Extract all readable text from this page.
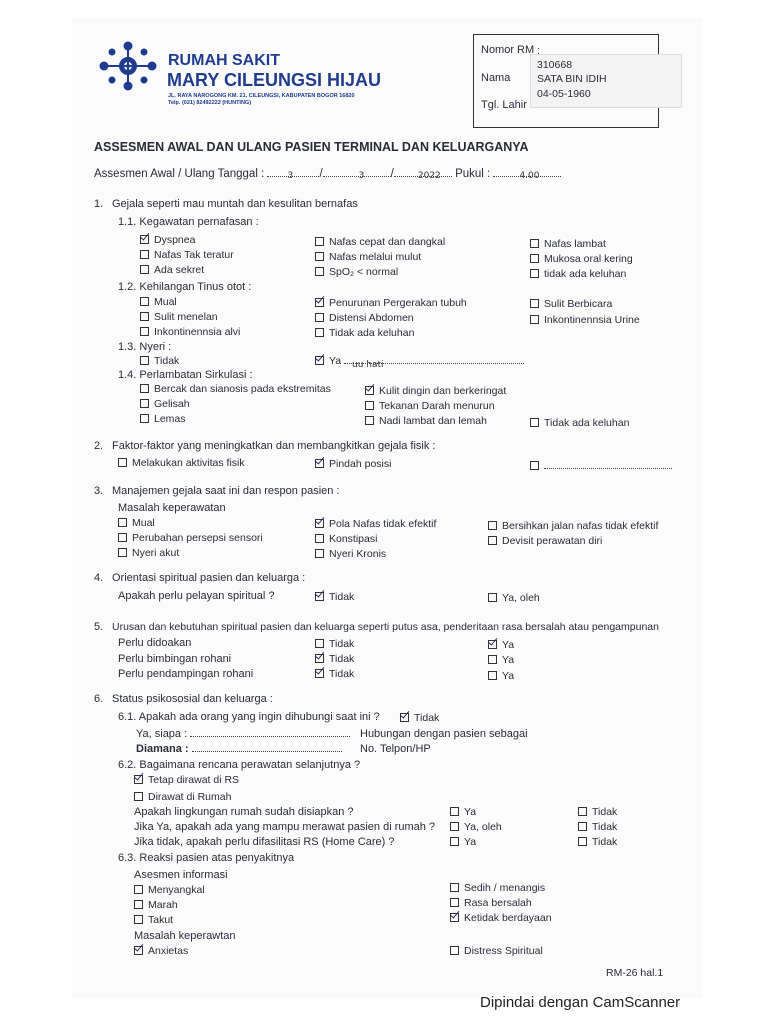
RUMAH SAKIT
MARY CILEUNGSI HIJAU
JL. RAYA NAROGONG KM. 21, CILEUNGSI, KABUPATEN BOGOR 16820
Telp. (021) 82492222 (HUNTING)
Nomor RM :
310668
Nama	SATA BIN IDIH
04-05-1960
Tgl. Lahir
ASSESMEN AWAL DAN ULANG PASIEN TERMINAL DAN KELUARGANYA
Assesmen Awal / Ulang Tanggal :	3 /	3 /	2022 Pukul :	4.00
1. Gejala seperti mau muntah dan kesulitan bernafas
1.1. Kegawatan pernafasan :
Dyspnea	Nafas cepat dan dangkal	Nafas lambat
Nafas Tak teratur	Nafas melalui mulut	Mukosa oral kering
Ada sekret	SpO₂ < normal	tidak ada keluhan
1.2. Kehilangan Tinus otot :
Mual	Penurunan Pergerakan tubuh	Sulit Berbicara
Sulit menelan	Distensi Abdomen	Inkontinennsia Urine
Inkontinennsia alvi	Tidak ada keluhan
1.3. Nyeri :
Tidak	Ya uu hati
1.4. Perlambatan Sirkulasi :
Bercak dan sianosis pada ekstremitas	Kulit dingin dan berkeringat
Gelisah	Tekanan Darah menurun
Lemas	Nadi lambat dan lemah	Tidak ada keluhan
2. Faktor-faktor yang meningkatkan dan membangkitkan gejala fisik :
Melakukan aktivitas fisik	Pindah posisi
3. Manajemen gejala saat ini dan respon pasien :
Masalah keperawatan
Mual	Pola Nafas tidak efektif	Bersihkan jalan nafas tidak efektif
Perubahan persepsi sensori	Konstipasi	Devisit perawatan diri
Nyeri akut	Nyeri Kronis
4. Orientasi spiritual pasien dan keluarga :
Apakah perlu pelayan spiritual ?	Tidak	Ya, oleh
5. Urusan dan kebutuhan spiritual pasien dan keluarga seperti putus asa, penderitaan rasa bersalah atau pengampunan
Perlu didoakan	Tidak	Ya
Perlu bimbingan rohani	Tidak	Ya
Perlu pendampingan rohani	Tidak	Ya
6. Status psikososial dan keluarga :
6.1. Apakah ada orang yang ingin dihubungi saat ini ?	Tidak
Ya, siapa :	Hubungan dengan pasien sebagai
Diamana :	No. Telpon/HP
6.2. Bagaimana rencana perawatan selanjutnya ?
Tetap dirawat di RS
Dirawat di Rumah
Apakah lingkungan rumah sudah disiapkan ?	Ya	Tidak
Jika Ya, apakah ada yang mampu merawat pasien di rumah ?	Ya, oleh	Tidak
Jika tidak, apakah perlu difasilitasi RS (Home Care) ?	Ya	Tidak
6.3. Reaksi pasien atas penyakitnya
Asesmen informasi
Menyangkal	Sedih / menangis
Marah	Rasa bersalah
Takut	Ketidak berdayaan
Masalah keperawtan
Anxietas	Distress Spiritual
RM-26 hal.1
Dipindai dengan CamScanner
